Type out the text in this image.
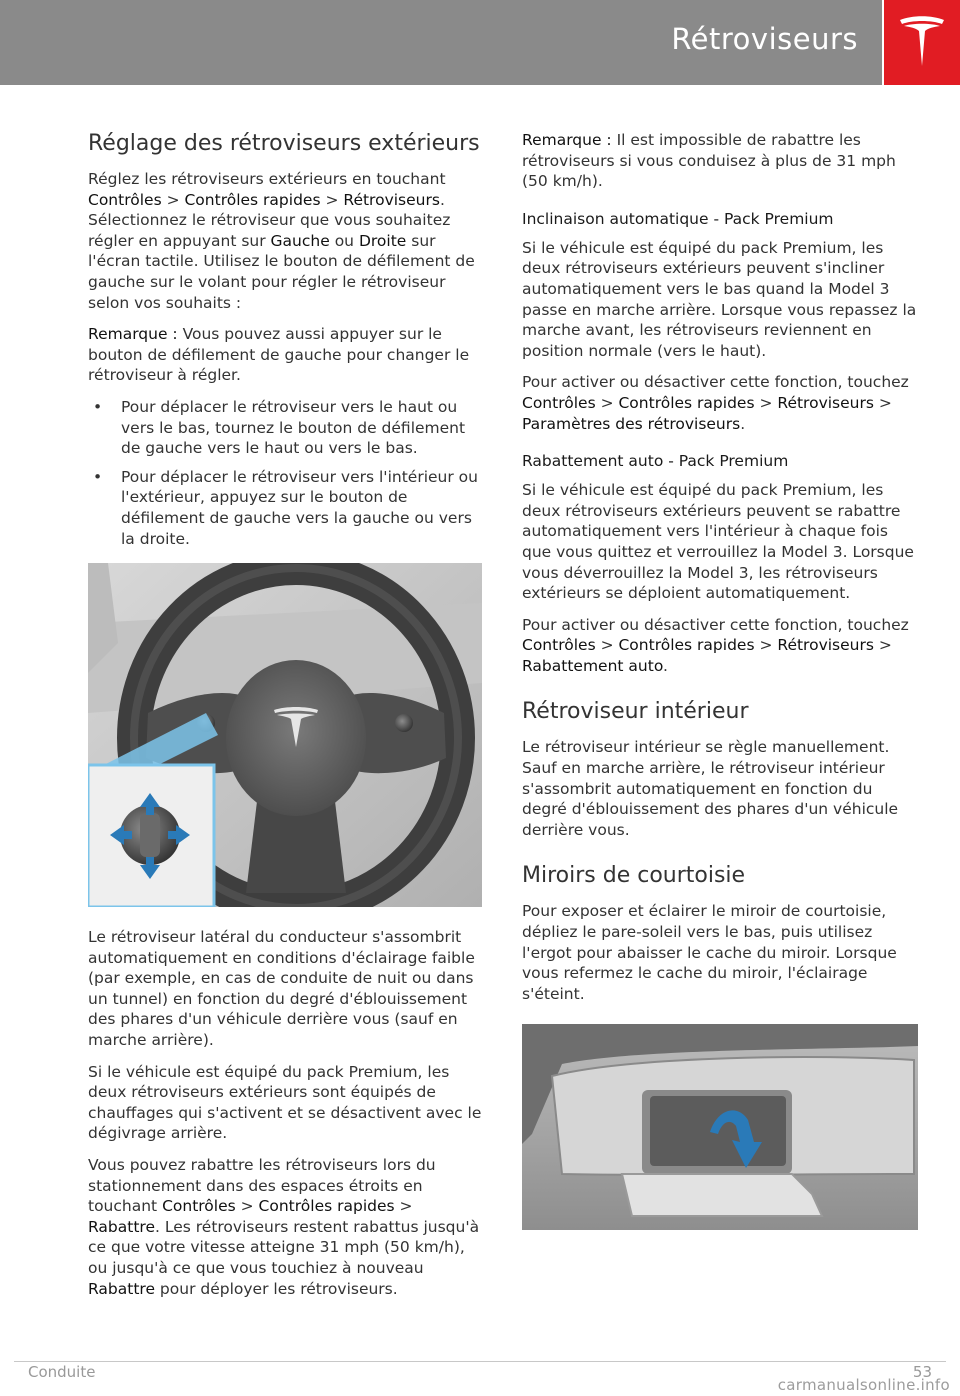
Rétroviseurs
Réglage des rétroviseurs extérieurs

Réglez les rétroviseurs extérieurs en touchant Contrôles > Contrôles rapides > Rétroviseurs. Sélectionnez le rétroviseur que vous souhaitez régler en appuyant sur Gauche ou Droite sur l'écran tactile. Utilisez le bouton de défilement de gauche sur le volant pour régler le rétroviseur selon vos souhaits :

Remarque : Vous pouvez aussi appuyer sur le bouton de défilement de gauche pour changer le rétroviseur à régler.

• Pour déplacer le rétroviseur vers le haut ou vers le bas, tournez le bouton de défilement de gauche vers le haut ou vers le bas.
• Pour déplacer le rétroviseur vers l'intérieur ou l'extérieur, appuyez sur le bouton de défilement de gauche vers la gauche ou vers la droite.

Le rétroviseur latéral du conducteur s'assombrit automatiquement en conditions d'éclairage faible (par exemple, en cas de conduite de nuit ou dans un tunnel) en fonction du degré d'éblouissement des phares d'un véhicule derrière vous (sauf en marche arrière).

Si le véhicule est équipé du pack Premium, les deux rétroviseurs extérieurs sont équipés de chauffages qui s'activent et se désactivent avec le dégivrage arrière.

Vous pouvez rabattre les rétroviseurs lors du stationnement dans des espaces étroits en touchant Contrôles > Contrôles rapides > Rabattre. Les rétroviseurs restent rabattus jusqu'à ce que votre vitesse atteigne 31 mph (50 km/h), ou jusqu'à ce que vous touchiez à nouveau Rabattre pour déployer les rétroviseurs.

Remarque : Il est impossible de rabattre les rétroviseurs si vous conduisez à plus de 31 mph (50 km/h).

Inclinaison automatique - Pack Premium

Si le véhicule est équipé du pack Premium, les deux rétroviseurs extérieurs peuvent s'incliner automatiquement vers le bas quand la Model 3 passe en marche arrière. Lorsque vous repassez la marche avant, les rétroviseurs reviennent en position normale (vers le haut).

Pour activer ou désactiver cette fonction, touchez Contrôles > Contrôles rapides > Rétroviseurs > Paramètres des rétroviseurs.

Rabattement auto - Pack Premium

Si le véhicule est équipé du pack Premium, les deux rétroviseurs extérieurs peuvent se rabattre automatiquement vers l'intérieur à chaque fois que vous quittez et verrouillez la Model 3. Lorsque vous déverrouillez la Model 3, les rétroviseurs extérieurs se déploient automatiquement.

Pour activer ou désactiver cette fonction, touchez Contrôles > Contrôles rapides > Rétroviseurs > Rabattement auto.

Rétroviseur intérieur

Le rétroviseur intérieur se règle manuellement. Sauf en marche arrière, le rétroviseur intérieur s'assombrit automatiquement en fonction du degré d'éblouissement des phares d'un véhicule derrière vous.

Miroirs de courtoisie

Pour exposer et éclairer le miroir de courtoisie, dépliez le pare-soleil vers le bas, puis utilisez l'ergot pour abaisser le cache du miroir. Lorsque vous refermez le cache du miroir, l'éclairage s'éteint.

Conduite	53
carmanualsonline.info
